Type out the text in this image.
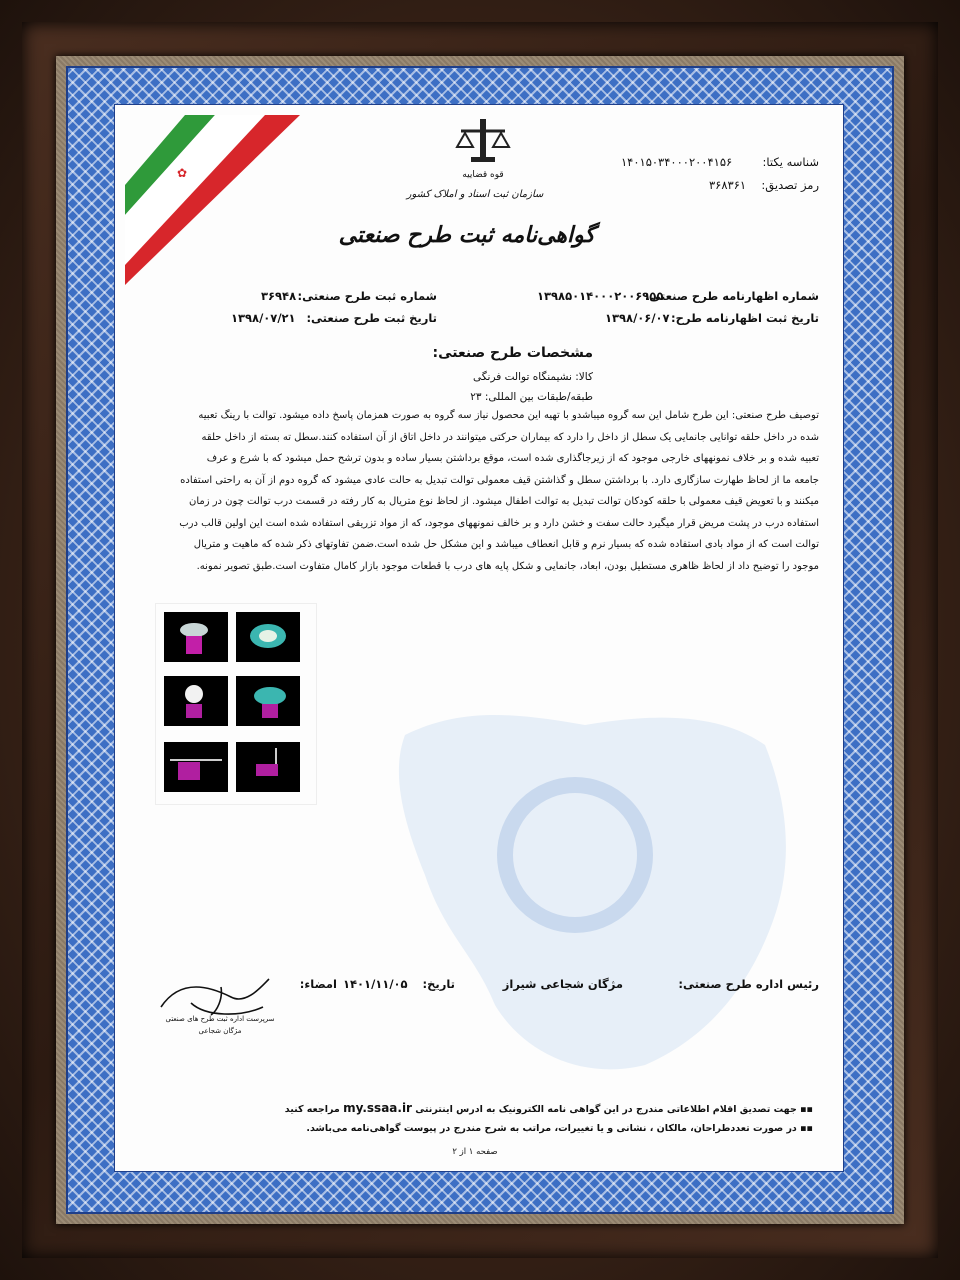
✿	قوه قضاییه
سازمان ثبت اسناد و املاک کشور
گواهی‌نامه ثبت طرح صنعتی
شناسه یکتا:
۱۴۰۱۵۰۳۴۰۰۰۲۰۰۴۱۵۶
رمز تصدیق:
۳۶۸۳۶۱
شماره اظهارنامه طرح صنعتی:
۱۳۹۸۵۰۱۴۰۰۰۲۰۰۶۹۵۵
شماره ثبت طرح صنعتی:
۳۶۹۴۸
تاریخ ثبت اظهارنامه طرح:
۱۳۹۸/۰۶/۰۷
تاریخ ثبت طرح صنعتی:
۱۳۹۸/۰۷/۲۱
مشخصات طرح صنعتی:
کالا: نشیمنگاه توالت فرنگی
طبقه/طبقات بین المللی: ۲۳
توصیف طرح صنعتی: این طرح شامل این سه گروه میباشدو با تهیه این محصول نیاز سه گروه به صورت همزمان پاسخ داده میشود. توالت با رینگ تعبیه
شده در داخل حلقه توانایی جانمایی یک سطل از داخل را دارد که بیماران حرکتی میتوانند در داخل اتاق از آن استفاده کنند.سطل ته بسته از داخل حلقه
تعبیه شده و بر خلاف نمونههای خارجی موجود که از زیرجاگذاری شده است، موقع برداشتن بسیار ساده و بدون ترشح حمل میشود که با شرع و عرف
جامعه ما از لحاظ طهارت سازگاری دارد. با برداشتن سطل و گذاشتن قیف معمولی توالت تبدیل به حالت عادی میشود که گروه دوم از آن به راحتی استفاده
میکنند و با تعویض قیف معمولی با حلقه کودکان توالت تبدیل به توالت اطفال میشود. از لحاظ نوع متریال به کار رفته در قسمت درب توالت چون در زمان
استفاده درب در پشت مریض قرار میگیرد حالت سفت و خشن دارد و بر خالف نمونههای موجود، که از مواد تزریقی استفاده شده است این اولین قالب درب
توالت است که از مواد بادی استفاده شده که بسیار نرم و قابل انعطاف میباشد و این مشکل حل شده است.ضمن تفاوتهای ذکر شده که ماهیت و متریال
موجود را توضیح داد از لحاظ ظاهری مستطیل بودن، ابعاد، جانمایی و شکل پایه های درب با قطعات موجود بازار کامال متفاوت است.طبق تصویر نمونه.
رئیس اداره طرح صنعتی:
مژگان شجاعی شیراز
تاریخ:
۱۴۰۱/۱۱/۰۵
امضاء:
سرپرست اداره ثبت طرح های صنعتی
مژگان شجاعی
▪▪ جهت تصدیق اقلام اطلاعاتی مندرج در این گواهی نامه الکترونیک به ادرس اینترنتی my.ssaa.ir مراجعه کنید
▪▪ در صورت تعددطراحان، مالکان ، نشانی و یا تغییرات، مراتب به شرح مندرج در پیوست گواهی‌نامه می‌باشد.
صفحه ۱ از ۲
